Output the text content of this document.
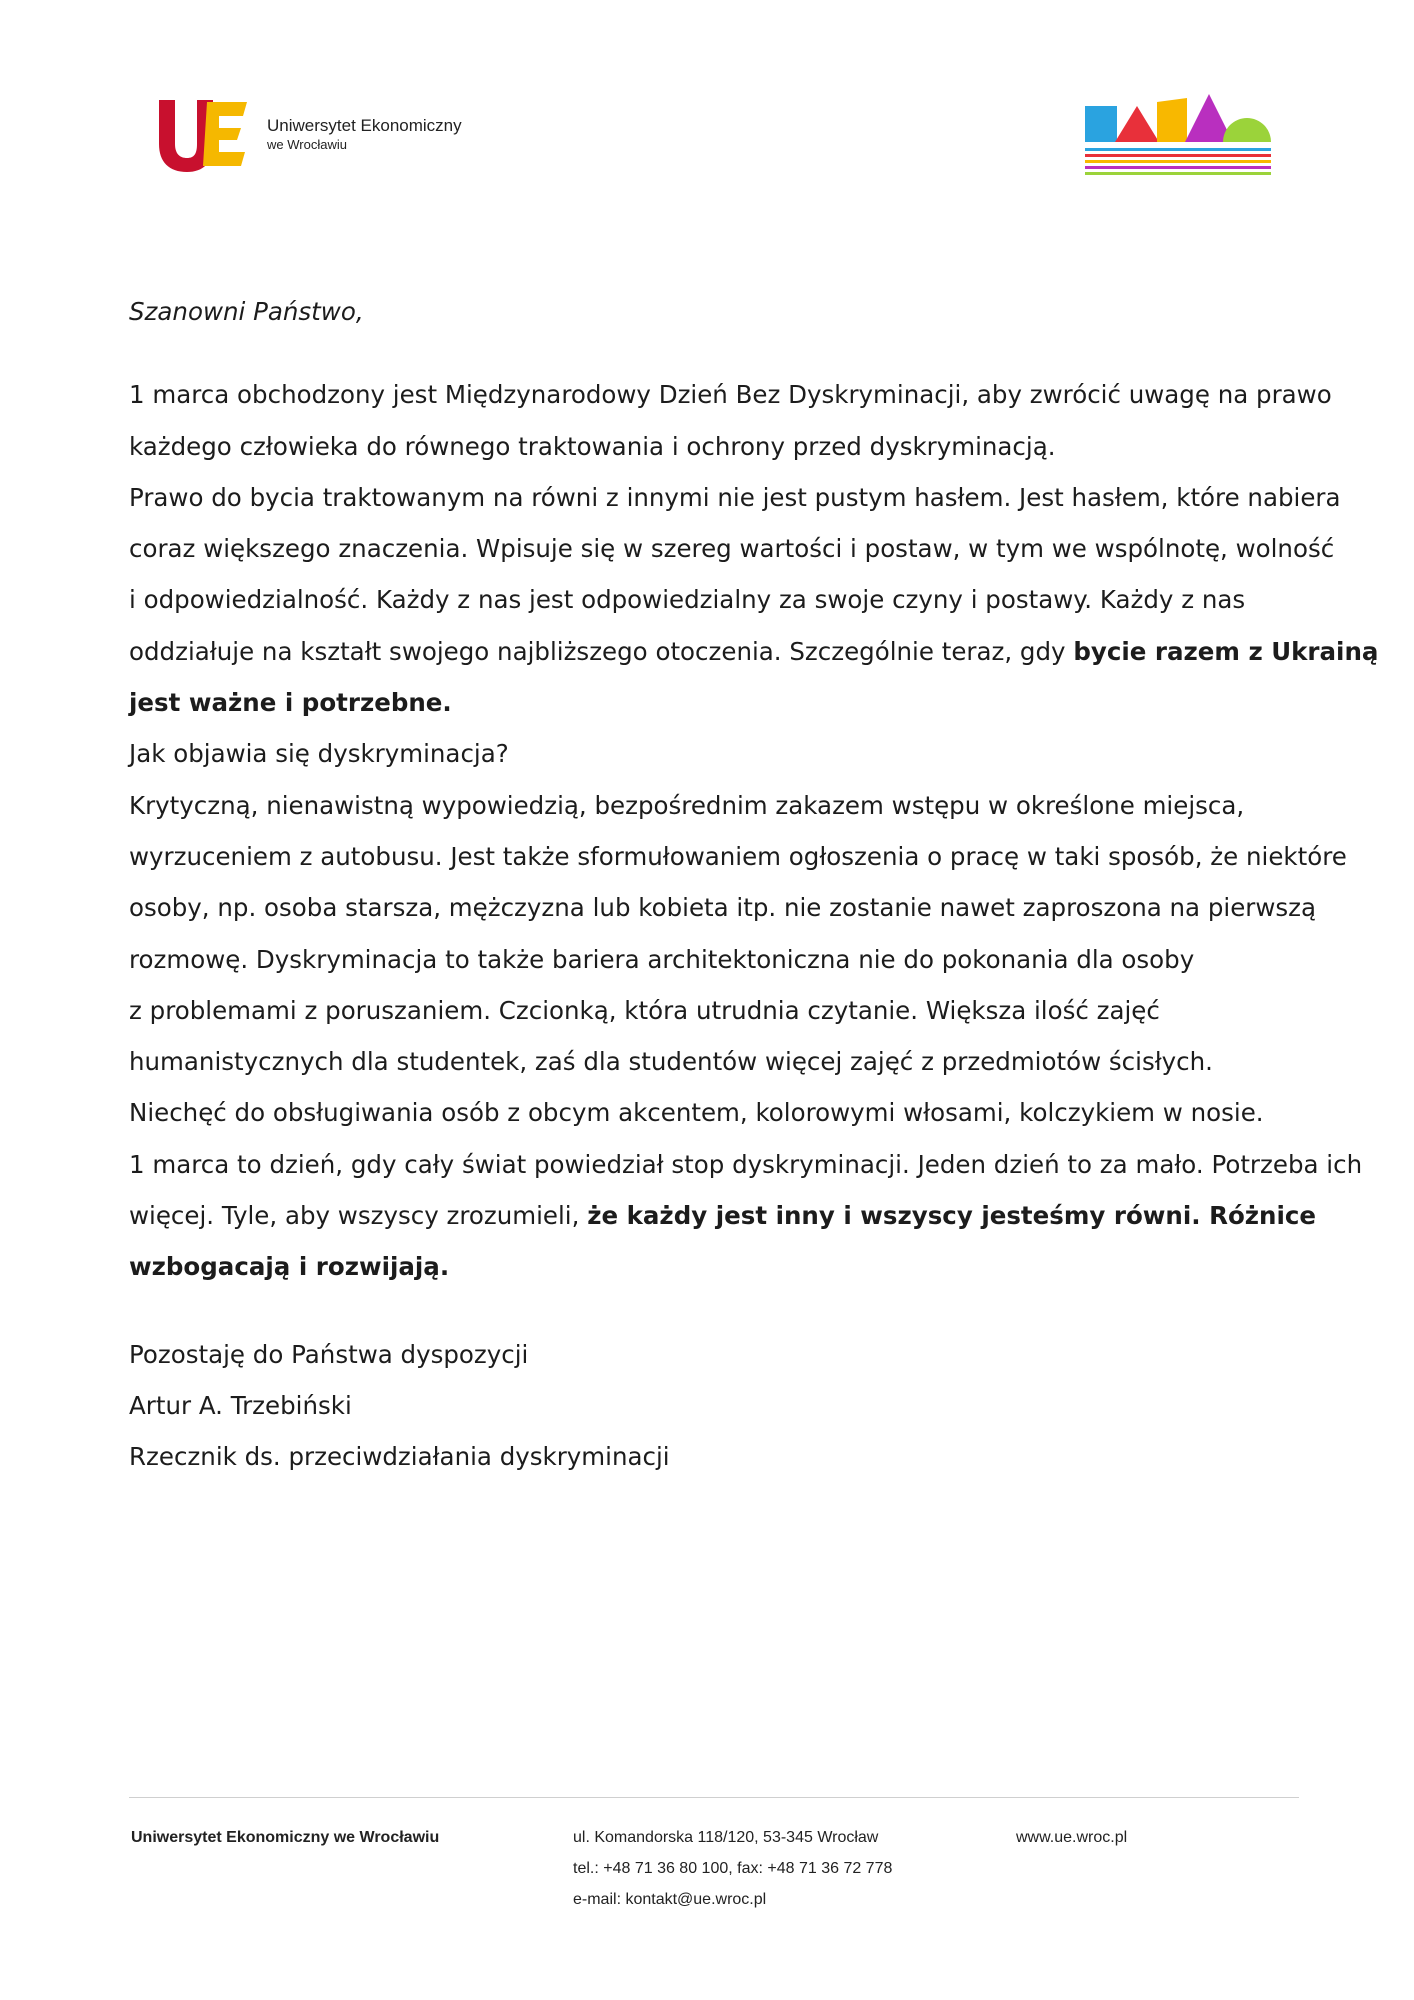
Uniwersytet Ekonomiczny
we Wrocławiu
Szanowni Państwo,
1 marca obchodzony jest Międzynarodowy Dzień Bez Dyskryminacji, aby zwrócić uwagę na prawo
każdego człowieka do równego traktowania i ochrony przed dyskryminacją.
Prawo do bycia traktowanym na równi z innymi nie jest pustym hasłem. Jest hasłem, które nabiera
coraz większego znaczenia. Wpisuje się w szereg wartości i postaw, w tym we wspólnotę, wolność
i odpowiedzialność. Każdy z nas jest odpowiedzialny za swoje czyny i postawy. Każdy z nas
oddziałuje na kształt swojego najbliższego otoczenia. Szczególnie teraz, gdy bycie razem z Ukrainą
jest ważne i potrzebne.
Jak objawia się dyskryminacja?
Krytyczną, nienawistną wypowiedzią, bezpośrednim zakazem wstępu w określone miejsca,
wyrzuceniem z autobusu. Jest także sformułowaniem ogłoszenia o pracę w taki sposób, że niektóre
osoby, np. osoba starsza, mężczyzna lub kobieta itp. nie zostanie nawet zaproszona na pierwszą
rozmowę. Dyskryminacja to także bariera architektoniczna nie do pokonania dla osoby
z problemami z poruszaniem. Czcionką, która utrudnia czytanie. Większa ilość zajęć
humanistycznych dla studentek, zaś dla studentów więcej zajęć z przedmiotów ścisłych.
Niechęć do obsługiwania osób z obcym akcentem, kolorowymi włosami, kolczykiem w nosie.
1 marca to dzień, gdy cały świat powiedział stop dyskryminacji. Jeden dzień to za mało. Potrzeba ich
więcej. Tyle, aby wszyscy zrozumieli, że każdy jest inny i wszyscy jesteśmy równi. Różnice
wzbogacają i rozwijają.
Pozostaję do Państwa dyspozycji
Artur A. Trzebiński
Rzecznik ds. przeciwdziałania dyskryminacji
Uniwersytet Ekonomiczny we Wrocławiu	ul. Komandorska 118/120, 53-345 Wrocław
tel.: +48 71 36 80 100, fax: +48 71 36 72 778
e-mail: kontakt@ue.wroc.pl
www.ue.wroc.pl
